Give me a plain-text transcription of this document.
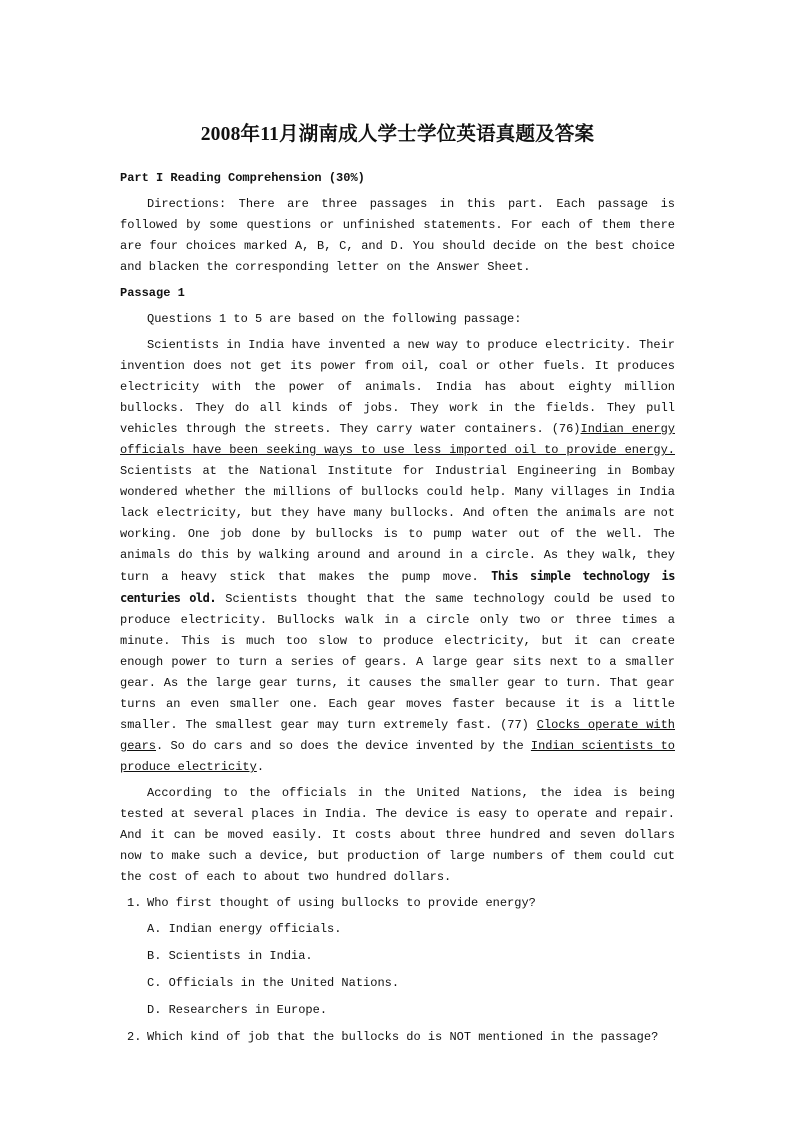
2008年11月湖南成人学士学位英语真题及答案
Part I Reading Comprehension (30%)
Directions: There are three passages in this part. Each passage is followed by some questions or unfinished statements. For each of them there are four choices marked A, B, C, and D. You should decide on the best choice and blacken the corresponding letter on the Answer Sheet.
Passage 1
Questions 1 to 5 are based on the following passage:
Scientists in India have invented a new way to produce electricity. Their invention does not get its power from oil, coal or other fuels. It produces electricity with the power of animals. India has about eighty million bullocks. They do all kinds of jobs. They work in the fields. They pull vehicles through the streets. They carry water containers. (76)Indian energy officials have been seeking ways to use less imported oil to provide energy. Scientists at the National Institute for Industrial Engineering in Bombay wondered whether the millions of bullocks could help. Many villages in India lack electricity, but they have many bullocks. And often the animals are not working. One job done by bullocks is to pump water out of the well. The animals do this by walking around and around in a circle. As they walk, they turn a heavy stick that makes the pump move. This simple technology is centuries old. Scientists thought that the same technology could be used to produce electricity. Bullocks walk in a circle only two or three times a minute. This is much too slow to produce electricity, but it can create enough power to turn a series of gears. A large gear sits next to a smaller gear. As the large gear turns, it causes the smaller gear to turn. That gear turns an even smaller one. Each gear moves faster because it is a little smaller. The smallest gear may turn extremely fast. (77) Clocks operate with gears. So do cars and so does the device invented by the Indian scientists to produce electricity.
According to the officials in the United Nations, the idea is being tested at several places in India. The device is easy to operate and repair. And it can be moved easily. It costs about three hundred and seven dollars now to make such a device, but production of large numbers of them could cut the cost of each to about two hundred dollars.
1. Who first thought of using bullocks to provide energy?
A. Indian energy officials.
B. Scientists in India.
C. Officials in the United Nations.
D. Researchers in Europe.
2. Which kind of job that the bullocks do is NOT mentioned in the passage?
